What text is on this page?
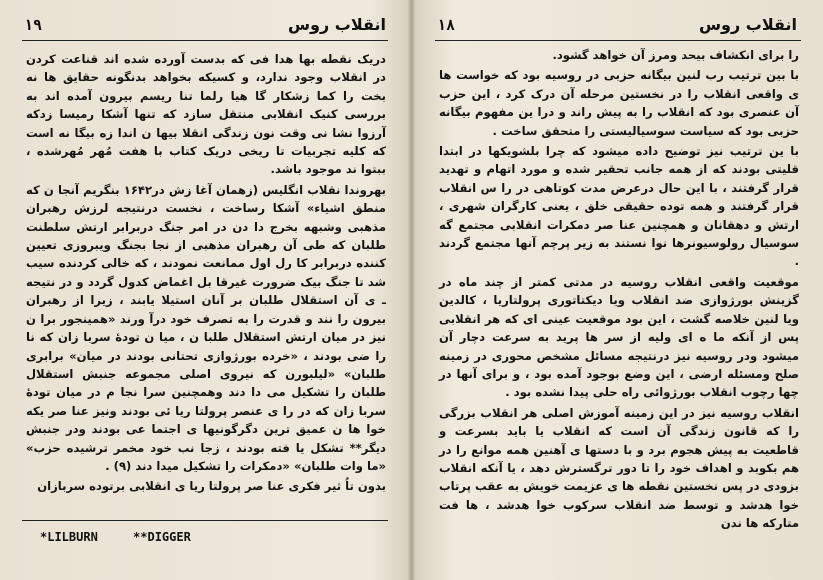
۱۹	انقلاب روس

دریک نقطه بها هدا فی که بدست آورده شده اند قناعت کردن در انقلاب وجود ندارد، و کسیکه بخواهد بدنگونه حقایق ها نه بخت را کما زشکار گا هیا رلما تنا ریسم بیرون آمده اند به بررسی کنیک انقلابی منتقل سازد که تنها آشکا رمیسا زدکه آرزوا نشا نی وقت نون زندگی انقلا بیها ن اندا زه بیگا نه است که کلیه تجربیات تا ریخی دریک کتاب با هفت مُهر مُهرشده ، ببتوا ند موجود باشد.

بهروندا نقلاب انگلیس (زهمان آغا زش در۱۶۴۲ بنگریم آنجا ن که منطق اشیاء» آشکا رساخت ، نخست درنتیجه لرزش رهبران مذهبی وشبهه بخرج دا دن در امر جنگ دربرابر ارتش سلطنت طلبان که طی آن رهبران مذهبی از نجا بجنگ ویبروزی تعیین کننده دربرابر کا رل اول ممانعت نمودند ، که خالی کردنده سیب شد تا جنگ بیک ضرورت غیرقا بل اغماض کدول گردد و در نتیجه ـ ی آن استقلال طلبان بر آنان استیلا یابند ، زیرا از رهبران بیرون را نند و قدرت را به تصرف خود درآ ورند «همینجور برا ن نیز در میان ارتش استقلال طلبا ن ، میا ن تودهٔ سربا زان که نا را ضی بودند ، «خرده بورژوازی تحتانی بودند در میان» برابری طلبان» «لیلبورن که نیروی اصلی مجموعه جنبش استقلال طلبان را تشکیل می دا دند وهمچنین سرا نجا م در میان تودهٔ سربا زان که در را ی عنصر پرولتا ریا ئی بودند ونیز عنا صر یکه خوا ها ن عمیق ترین دگرگونیها ی اجتما عی بودند ودر جنبش دیگر** تشکل یا فته بودند ، زجا نب خود مخمر ترشیده حزب» «ما وات طلبان» «دمکرات را تشکیل میدا دند (۹) .

بدون تاُ ثیر فکری عنا صر پرولتا ریا ی انقلابی برتوده سربازان

*LILBURN	**DIGGER
۱۸	انقلاب روس

را برای انکشاف بیحد ومرز آن خواهد گشود.

با بین ترتیب رب لنین بیگانه حزبی در روسیه بود که خواست ها ی واقعی انقلاب را در نخستین مرحله آن درک کرد ، این حزب آن عنصری بود که انقلاب را به پیش راند و درا ین مفهوم بیگانه حزبی بود که سیاست سوسیالیستی را متحقق ساخت .

با ین ترتیب نیز توضیح داده میشود که چرا بلشویکها در ابتدا قلیتی بودند که از همه جانب تحقیر شده و مورد اتهام و تهدید قرار گرفتند ، با این حال درعرض مدت کوتاهی در را س انقلاب قرار گرفتند و همه توده حقیقی خلق ، یعنی کارگران شهری ، ارتش و دهقانان و همچنین عنا صر دمکرات انقلابی مجتمع گه سوسیال رولوسیونرها نوا نستند به زیر پرچم آنها مجتمع گردند .

موقعیت واقعی انقلاب روسیه در مدتی کمتر از چند ماه در گزینش بورژوازی ضد انقلاب ویا دیکتاتوری پرولتاریا ، کالدین ویا لنین خلاصه گشت ، این بود موقعیت عینی ای که هر انقلابی پس از آنکه ما ه ای ولیه از سر ها پرید به سرعت دچار آن میشود ودر روسیه نیز درنتیجه مسائل مشخص محوری در زمینه صلح ومسئله ارضی ، این وضع بوجود آمده بود ، و برای آنها در چها رچوب انقلاب بورژوائی راه حلی پیدا نشده بود .

انقلاب روسیه نیز در این زمینه آموزش اصلی هر انقلاب بزرگی را که قانون زندگی آن است که انقلاب یا باید بسرعت و قاطعیت به پیش هجوم برد و با دستها ی آهنین همه موانع را در هم بکوبد و اهداف خود را تا دور ترگسترش دهد ، یا آنکه انقلاب بزودی در پس نخستین نقطه ها ی عزیمت خویش به عقب پرتاب خوا هدشد و توسط ضد انقلاب سرکوب خوا هدشد ، ها فت متاركه ها ندن
